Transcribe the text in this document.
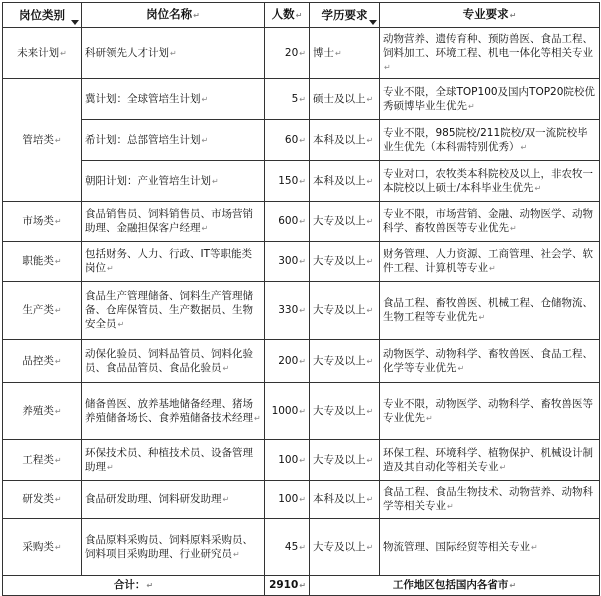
岗位类别	岗位名称↵	人数↵	学历要求	专业要求↵
未来计划↵	科研领先人才计划↵	20↵	博士↵	动物营养、遗传育种、预防兽医、食品工程、饲料加工、环境工程、机电一体化等相关专业↵
管培类↵	冀计划：全球管培生计划↵	5↵	硕士及以上↵	专业不限，全球TOP100及国内TOP20院校优秀硕博毕业生优先↵
	希计划：总部管培生计划↵	60↵	本科及以上↵	专业不限，985院校/211院校/双一流院校毕业生优先（本科需特别优秀）↵
	朝阳计划：产业管培生计划↵	150↵	本科及以上↵	专业对口，农牧类本科院校及以上，非农牧一本院校以上硕士/本科毕业生优先↵
市场类↵	食品销售员、饲料销售员、市场营销助理、金融担保客户经理↵	600↵	大专及以上↵	专业不限，市场营销、金融、动物医学、动物科学、畜牧兽医等专业优先↵
职能类↵	包括财务、人力、行政、IT等职能类岗位↵	300↵	大专及以上↵	财务管理、人力资源、工商管理、社会学、软件工程、计算机等专业↵
生产类↵	食品生产管理储备、饲料生产管理储备、仓库保管员、生产数据员、生物安全员↵	330↵	大专及以上↵	食品工程、畜牧兽医、机械工程、仓储物流、生物工程等专业优先↵
品控类↵	动保化验员、饲料品管员、饲料化验员、食品品管员、食品化验员↵	200↵	大专及以上↵	动物医学、动物科学、畜牧兽医、食品工程、化学等专业优先↵
养殖类↵	储备兽医、放养基地储备经理、猪场养殖储备场长、食养殖储备技术经理↵	1000↵	大专及以上↵	专业不限，动物医学、动物科学、畜牧兽医等专业优先↵
工程类↵	环保技术员、种植技术员、设备管理助理↵	100↵	大专及以上↵	环保工程、环境科学、植物保护、机械设计制造及其自动化等相关专业↵
研发类↵	食品研发助理、饲料研发助理↵	100↵	本科及以上↵	食品工程、食品生物技术、动物营养、动物科学等相关专业↵
采购类↵	食品原料采购员、饲料原料采购员、饲料项目采购助理、行业研究员↵	45↵	大专及以上↵	物流管理、国际经贸等相关专业↵
合计：↵		2910↵	工作地区包括国内各省市↵	
